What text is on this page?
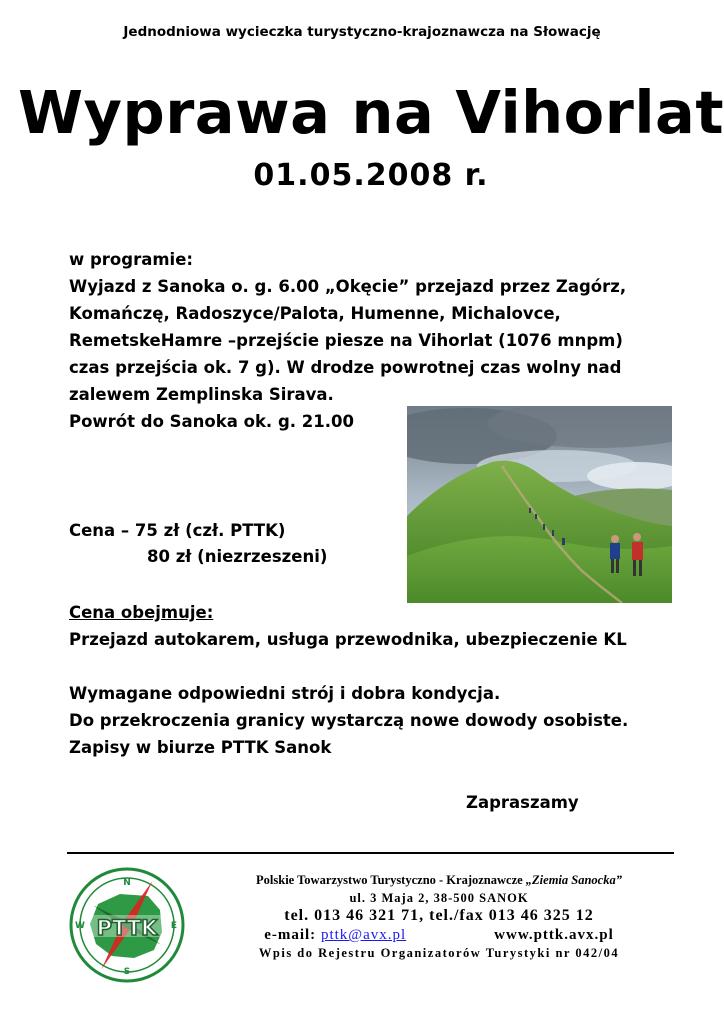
Jednodniowa wycieczka turystyczno-krajoznawcza na Słowację
Wyprawa na Vihorlat
01.05.2008 r.
w programie:
Wyjazd z Sanoka o. g. 6.00 „Okęcie” przejazd przez Zagórz,
Komańczę, Radoszyce/Palota, Humenne, Michalovce,
RemetskeHamre –przejście piesze na Vihorlat (1076 mnpm)
czas przejścia ok. 7 g). W drodze powrotnej czas wolny nad
zalewem Zemplinska Sirava.
Powrót do Sanoka ok. g. 21.00
Cena – 75 zł (czł. PTTK)
80 zł (niezrzeszeni)
Cena obejmuje:
Przejazd autokarem, usługa przewodnika, ubezpieczenie KL
Wymagane odpowiedni strój i dobra kondycja.
Do przekroczenia granicy wystarczą nowe dowody osobiste.
Zapisy w biurze PTTK Sanok
Zapraszamy
PTTK
N
E
S
W
Polskie Towarzystwo Turystyczno - Krajoznawcze „Ziemia Sanocka”
ul. 3 Maja 2, 38-500 SANOK
tel. 013 46 321 71, tel./fax 013 46 325 12
e-mail: pttk@avx.pl	www.pttk.avx.pl
Wpis do Rejestru Organizatorów Turystyki nr 042/04
